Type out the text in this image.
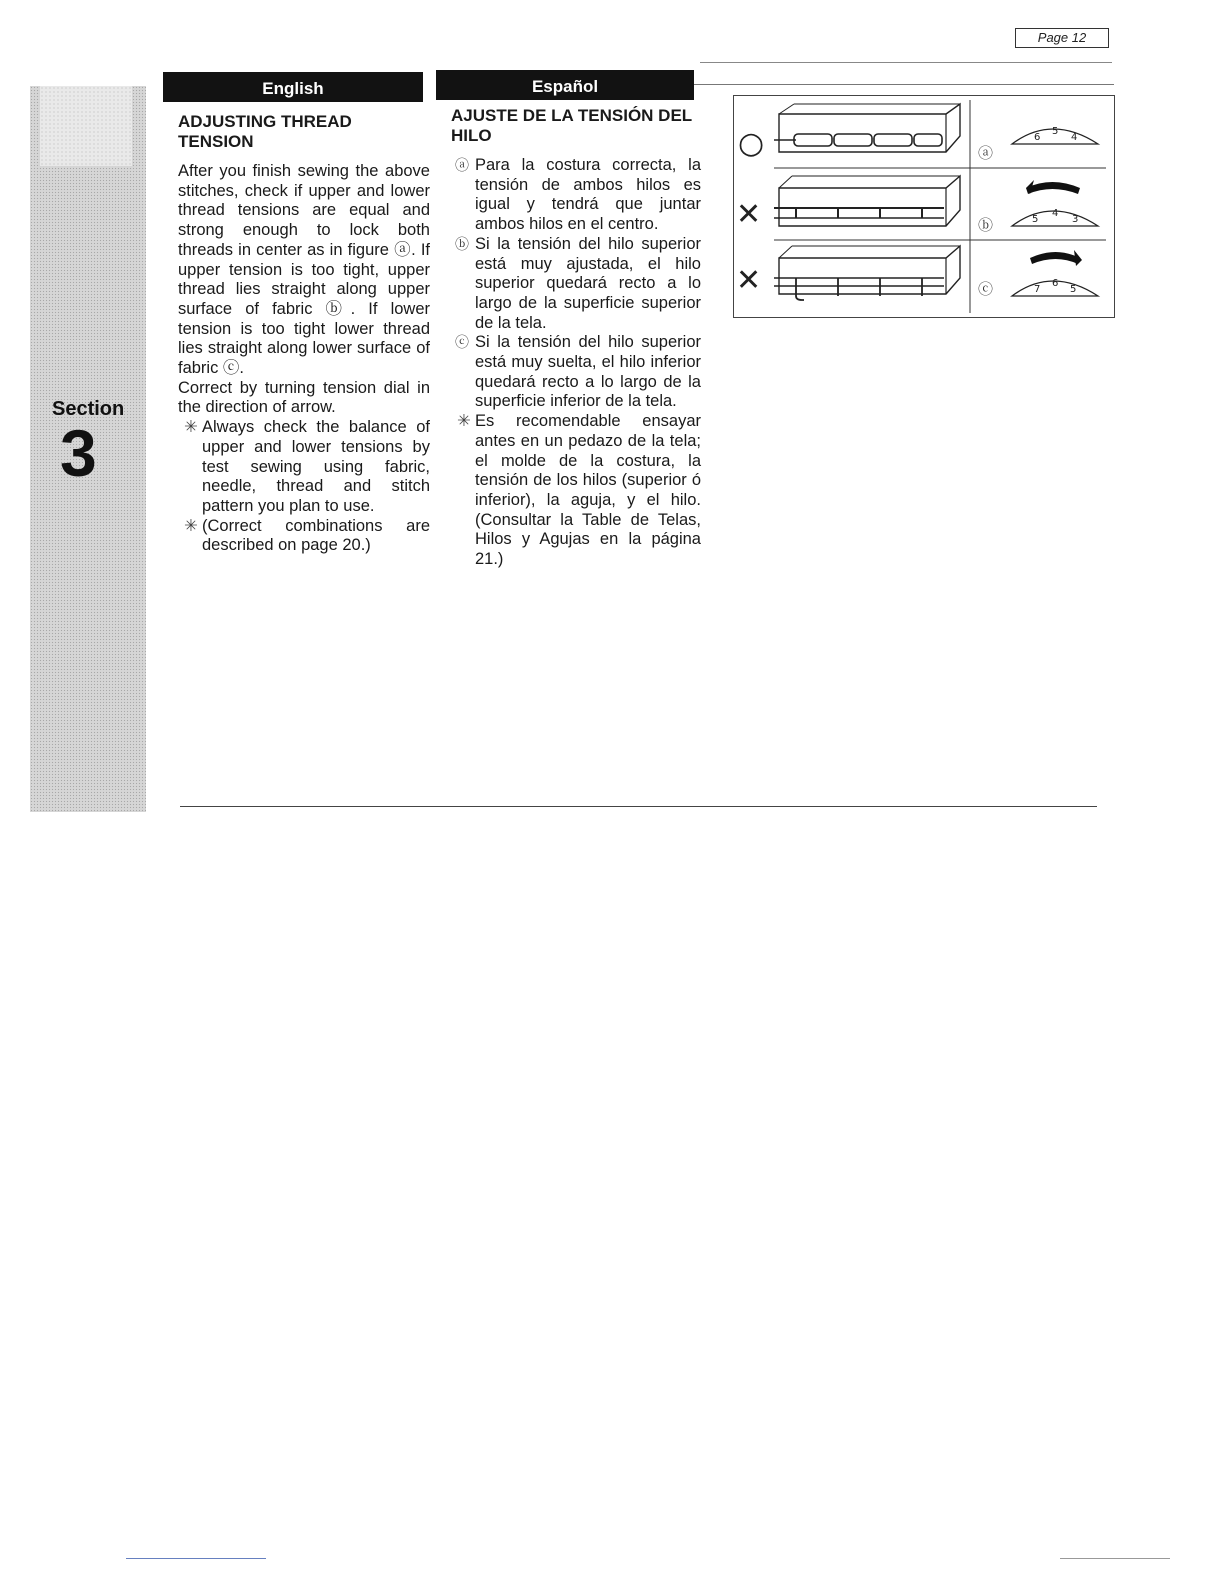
Page 12
Section
3
English	Español
ADJUSTING THREAD TENSION

After you finish sewing the above stitches, check if upper and lower thread tensions are equal and strong enough to lock both threads in center as in figure ⓐ. If upper tension is too tight, upper thread lies straight along upper surface of fabric ⓑ. If lower tension is too tight lower thread lies straight along lower surface of fabric ⓒ.

Correct by turning tension dial in the direction of arrow.

✳ Always check the balance of upper and lower tensions by test sewing using fabric, needle, thread and stitch pattern you plan to use.
✳ (Correct combinations are described on page 20.)
AJUSTE DE LA TENSIÓN DEL HILO
ⓐ Para la costura correcta, la tensión de ambos hilos es igual y tendrá que juntar ambos hilos en el centro.
ⓑ Si la tensión del hilo superior está muy ajustada, el hilo superior quedará recto a lo largo de la superficie superior de la tela.
ⓒ Si la tensión del hilo superior está muy suelta, el hilo inferior quedará recto a lo largo de la superficie inferior de la tela.
✳ Es recomendable ensayar antes en un pedazo de la tela; el molde de la costura, la tensión de los hilos (superior ó inferior), la aguja, y el hilo. (Consultar la Table de Telas, Hilos y Agujas en la página 21.)
○
✕
✕
ⓐ
6
5
4
ⓑ	5
4
3
ⓒ	7
6
5
